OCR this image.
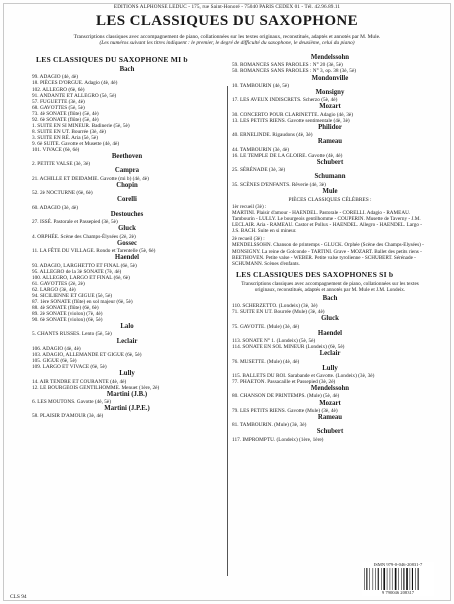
EDITIONS ALPHONSE LEDUC - 175, rue Saint-Honoré - 75040 PARIS CEDEX 01 - Tél. 42.96.89.11
LES CLASSIQUES DU SAXOPHONE
Transcriptions classiques avec accompagnement de piano, collationnées sur les textes originaux, reconstitués, adaptés et annotés par M. Mule.
(Les numéros suivant les titres indiquent : le premier, le degré de difficulté du saxophone, le deuxième, celui du piano)
LES CLASSIQUES DU SAXOPHONE MI b
Bach
99. ADAGIO (4è, 4è)
18. PIÈCES D'ORGUE. Adagio (4è, 4è)
102. ALLEGRO (6è, 6è)
91. ANDANTE ET ALLEGRO (5è, 5è)
57. FUGUETTE (3è, 4è)
68. GAVOTTES (5è, 5è)
73. 4è SONATE (flûte) (5è, 4è)
92. 6è SONATE (flûte) (5è, 4è)
1. SUITE EN SI MINEUR. Badinerie (5è, 5è)
8. SUITE EN UT. Bourrée (3è, 4è)
3. SUITE EN RÉ. Aria (5è, 5è)
9. 6è SUITE. Gavotte et Musette (4è, 4è)
101. VIVACE (6è, 6è)
Beethoven
2. PETITE VALSE (3è, 3è)
Campra
21. ACHILLE ET DEIDAMIE. Gavotte (mi b) (4è, 4è)
Chopin
52. 2è NOCTURNE (6è, 6è)
Corelli
60. ADAGIO (3è, 4è)
Destouches
27. ISSÉ. Pastorale et Passepied (3è, 5è)
Gluck
4. ORPHÉE. Scène des Champs-Élysées (2è, 2è)
Gossec
11. LA FÊTE DU VILLAGE. Rondo et Tarentelle (5è, 6è)
Haendel
93. ADAGIO, LARGHETTO ET FINAL (6è, 5è)
95. ALLEGRO de la 3è SONATE (7è, 4è)
100. ALLEGRO, LARGO ET FINAL (6è, 6è)
61. GAVOTTES (2è, 2è)
62. LARGO (3è, 4è)
94. SICILIENNE ET GIGUE (5è, 5è)
87. 1ère SONATE (flûte) en sol majeur (6è, 5è)
88. 4è SONATE (flûte) (6è, 6è)
89. 2è SONATE (violon) (7è, 4è)
90. 6è SONATE (violon) (6è, 5è)
Lalo
5. CHANTS RUSSES. Lento (5è, 5è)
Leclair
106. ADAGIO (4è, 4è)
103. ADAGIO, ALLEMANDE ET GIGUE (6è, 5è)
105. GIGUE (6è, 5è)
109. LARGO ET VIVACE (6è, 5è)
Lully
14. AIR TENDRE ET COURANTE (4è, 4è)
12. LE BOURGEOIS GENTILHOMME. Menuet (1ère, 2è)
Martini (J.B.)
6. LES MOUTONS. Gavotte (4è, 5è)
Martini (J.P.E.)
58. PLAISIR D'AMOUR (3è, 4è)
Mendelssohn
59. ROMANCES SANS PAROLES : N° 20 (3è, 5è)
50. ROMANCES SANS PAROLES : N° 3, op. 38 (3è, 5è)
Mondonville
10. TAMBOURIN (4è, 5è)
Monsigny
17. LES AVEUX INDISCRETS. Scherzo (5è, 4è)
Mozart
30. CONCERTO POUR CLARINETTE. Adagio (4è, 3è)
13. LES PETITS RIENS. Gavotte sentimentale (4è, 3è)
Philidor
40. ERNELINDE. Rigaudons (4è, 3è)
Rameau
44. TAMBOURIN (3è, 4è)
16. LE TEMPLE DE LA GLOIRE. Gavotte (4è, 4è)
Schubert
25. SÉRÉNADE (3è, 3è)
Schumann
35. SCÈNES D'ENFANTS. Rêverie (4è, 3è)
Mule
PIÈCES CLASSIQUES CÉLÈBRES :
1èr recueil (3è) :
MARTINI. Plaisir d'amour - HAENDEL. Pastorale - CORELLI. Adagio - RAMEAU. Tambourin - LULLY. Le bourgeois gentilhomme - COUPERIN. Musette de Taverny - J.M. LECLAIR. Aria - RAMEAU. Castor et Pollux - HAENDEL. Allegro - HAENDEL. Largo - J.S. BACH. Suite en si mineur.
2è recueil (3è) :
MENDELSSOHN. Chanson de printemps - GLUCK. Orphée (Scène des Champs-Elysées) - MONSIGNY. La reine de Golconde - TARTINI. Grave - MOZART. Ballet des petits riens - BEETHOVEN. Petite valse - WEBER. Petite valse tyrolienne - SCHUBERT. Sérénade - SCHUMANN. Scènes d'enfants.
LES CLASSIQUES DES SAXOPHONES SI b
Transcriptions classiques avec accompagnement de piano, collationnées sur les textes originaux, reconstitués, adaptés et annotés par M. Mule et J.M. Londeix.
Bach
110. SCHERZETTO. (Londeix) (3è, 3è)
71. SUITE EN UT. Bourrée (Mule) (3è, 4è)
Gluck
75. GAVOTTE. (Mule) (3è, 4è)
Haendel
113. SONATE N° 1. (Londeix) (5è, 5è)
114. SONATE EN SOL MINEUR (Londeix) (6è, 5è)
Leclair
76. MUSETTE. (Mule) (4è, 4è)
Lully
115. BALLETS DU ROI. Sarabande et Gavotte. (Londeix) (3è, 3è)
77. PHAETON. Passacaille et Passepied (3è, 2è)
Mendelssohn
80. CHANSON DE PRINTEMPS. (Mule) (5è, 4è)
Mozart
79. LES PETITS RIENS. Gavotte (Mule) (3è, 4è)
Rameau
81. TAMBOURIN. (Mule) (3è, 3è)
Schubert
117. IMPROMPTU. (Londeix) (1ère, 1ère)
ISMN 979-0-046-20831-7
9 790046 208317
CLS 94
